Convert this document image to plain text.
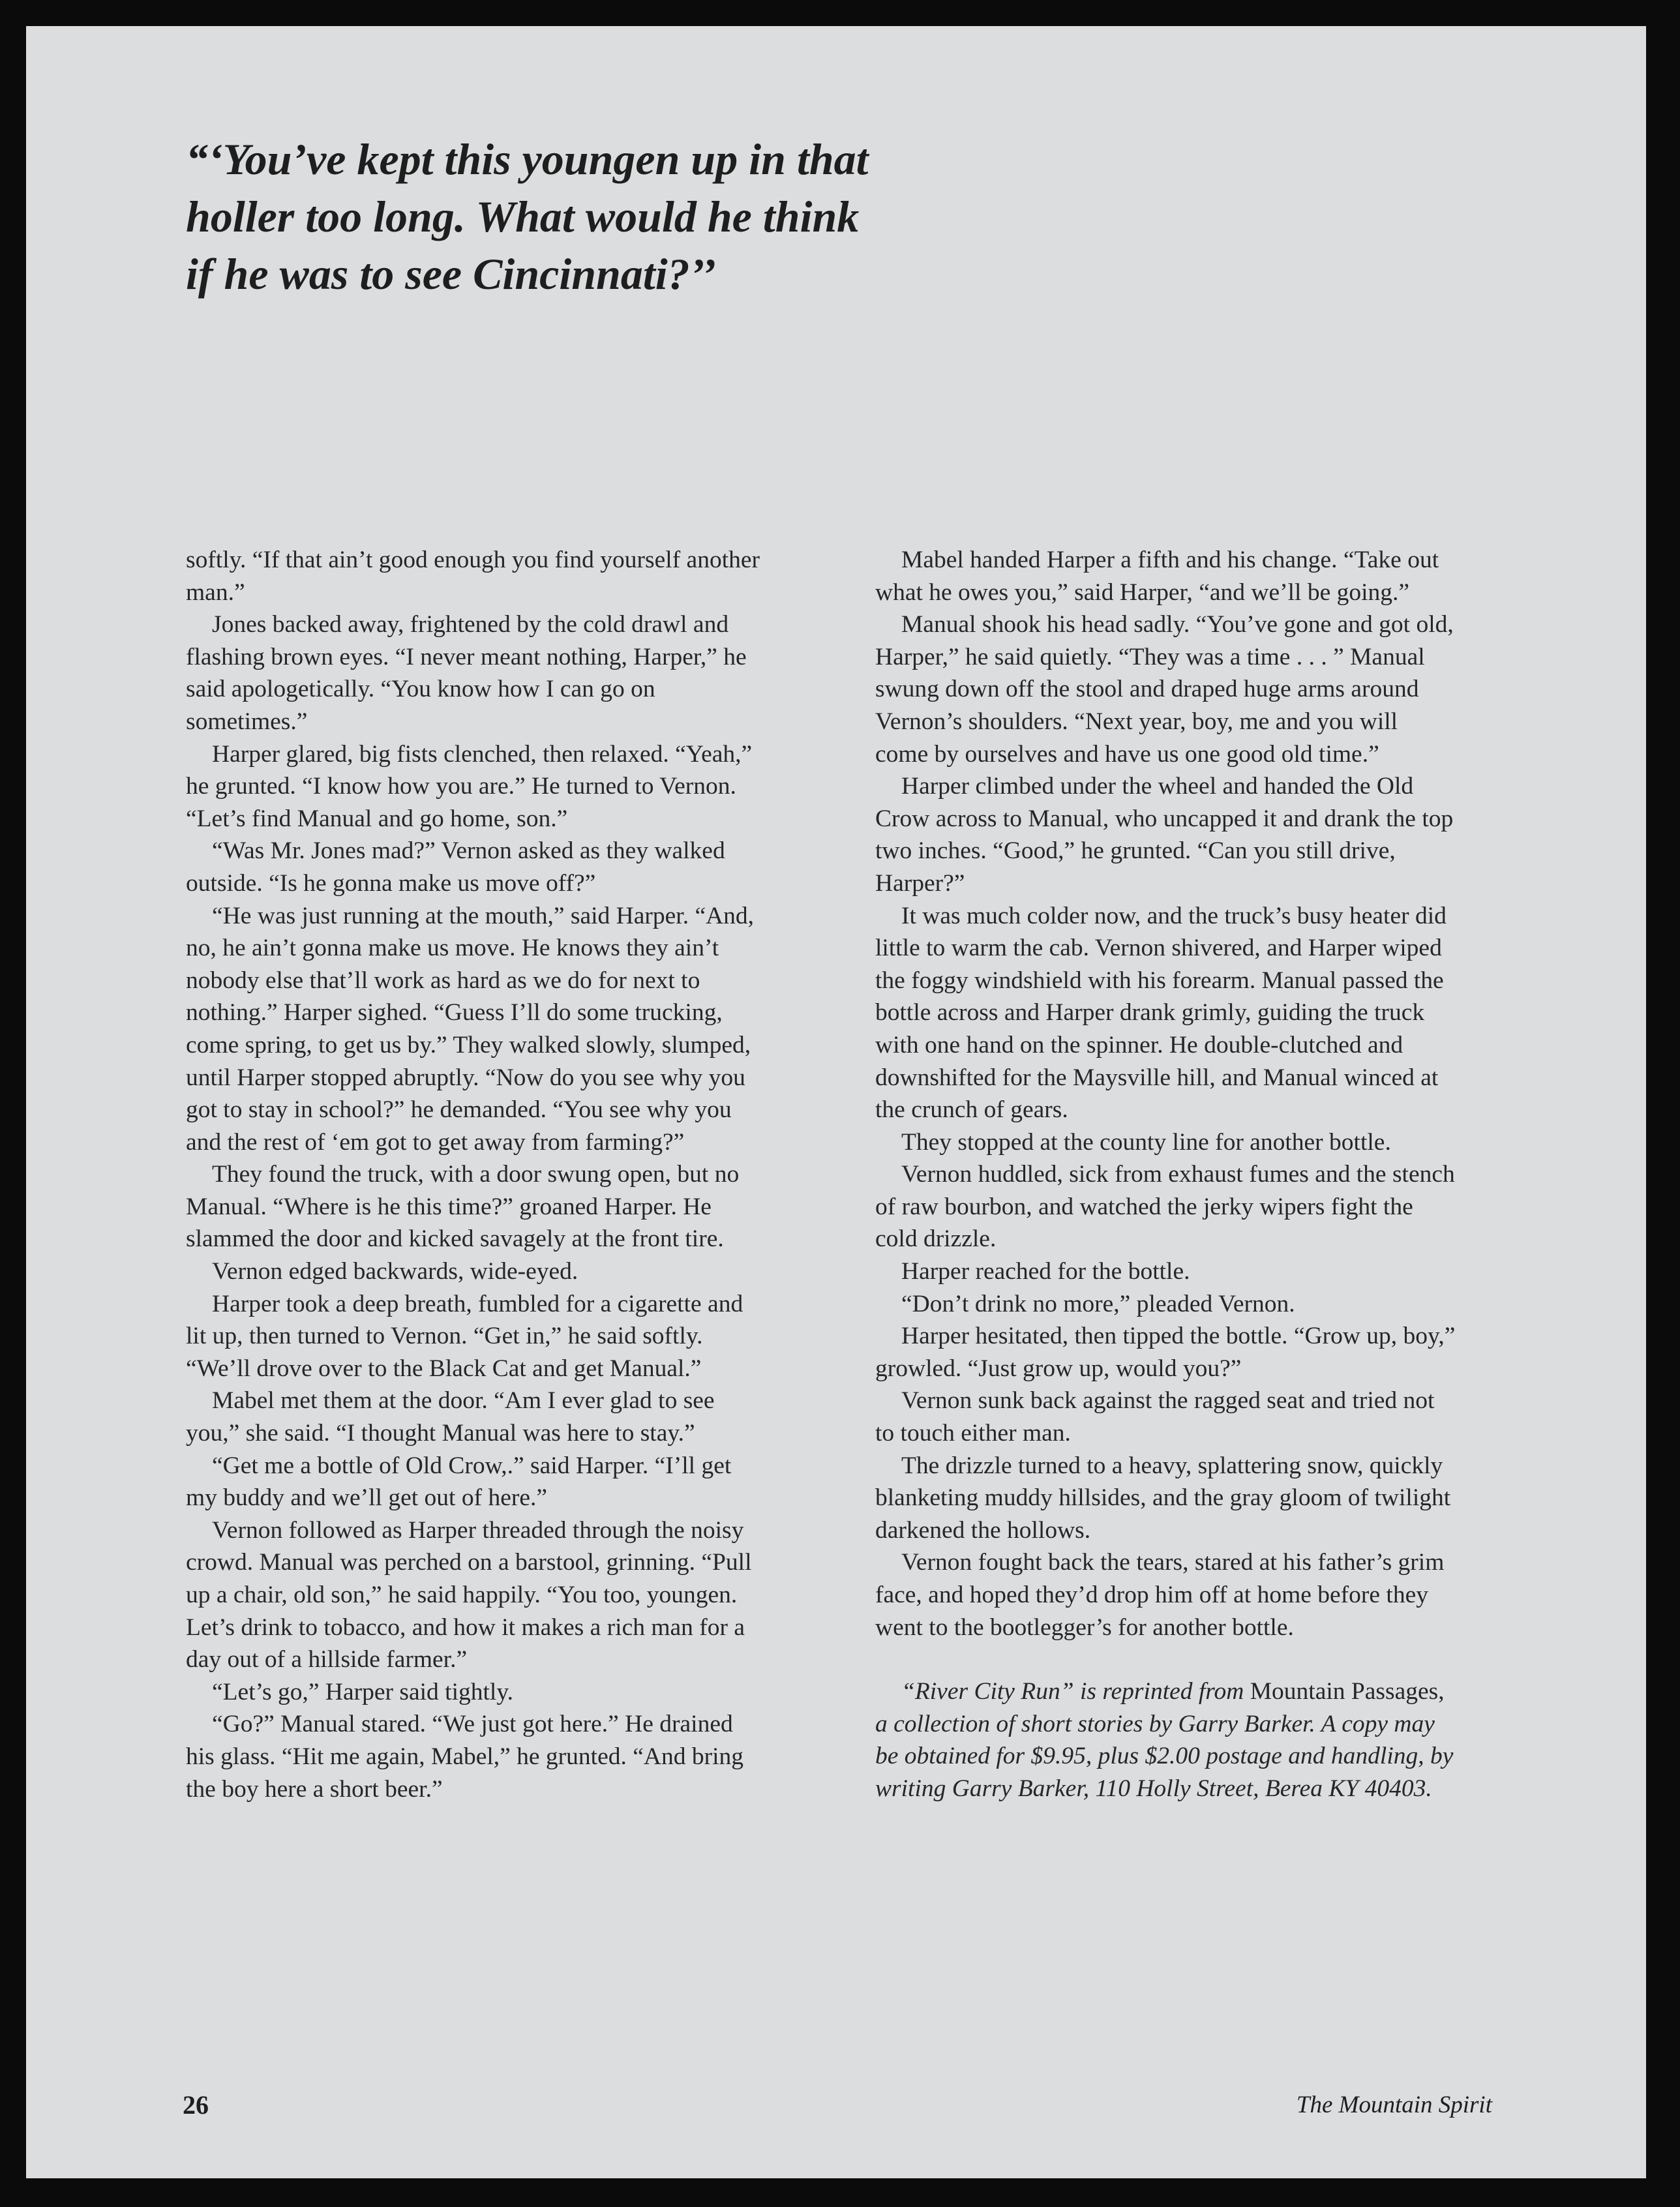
“‘You’ve kept this youngen up in that
holler too long. What would he think
if he was to see Cincinnati?’’

softly. “If that ain’t good enough you find yourself another man.”

Jones backed away, frightened by the cold drawl and flashing brown eyes. “I never meant nothing, Harper,” he said apologetically. “You know how I can go on sometimes.”

Harper glared, big fists clenched, then relaxed. “Yeah,” he grunted. “I know how you are.” He turned to Vernon. “Let’s find Manual and go home, son.”

“Was Mr. Jones mad?” Vernon asked as they walked outside. “Is he gonna make us move off?”

“He was just running at the mouth,” said Harper. “And, no, he ain’t gonna make us move. He knows they ain’t nobody else that’ll work as hard as we do for next to nothing.” Harper sighed. “Guess I’ll do some trucking, come spring, to get us by.” They walked slowly, slumped, until Harper stopped abruptly. “Now do you see why you got to stay in school?” he demanded. “You see why you and the rest of ‘em got to get away from farming?”

They found the truck, with a door swung open, but no Manual. “Where is he this time?” groaned Harper. He slammed the door and kicked savagely at the front tire.

Vernon edged backwards, wide-eyed.

Harper took a deep breath, fumbled for a cigarette and lit up, then turned to Vernon. “Get in,” he said softly. “We’ll drove over to the Black Cat and get Manual.”

Mabel met them at the door. “Am I ever glad to see you,” she said. “I thought Manual was here to stay.”

“Get me a bottle of Old Crow,.” said Harper. “I’ll get my buddy and we’ll get out of here.”

Vernon followed as Harper threaded through the noisy crowd. Manual was perched on a barstool, grinning. “Pull up a chair, old son,” he said happily. “You too, youngen. Let’s drink to tobacco, and how it makes a rich man for a day out of a hillside farmer.”

“Let’s go,” Harper said tightly.

“Go?” Manual stared. “We just got here.” He drained his glass. “Hit me again, Mabel,” he grunted. “And bring the boy here a short beer.”

Mabel handed Harper a fifth and his change. “Take out what he owes you,” said Harper, “and we’ll be going.”

Manual shook his head sadly. “You’ve gone and got old, Harper,” he said quietly. “They was a time . . . ” Manual swung down off the stool and draped huge arms around Vernon’s shoulders. “Next year, boy, me and you will come by ourselves and have us one good old time.”

Harper climbed under the wheel and handed the Old Crow across to Manual, who uncapped it and drank the top two inches. “Good,” he grunted. “Can you still drive, Harper?”

It was much colder now, and the truck’s busy heater did little to warm the cab. Vernon shivered, and Harper wiped the foggy windshield with his forearm. Manual passed the bottle across and Harper drank grimly, guiding the truck with one hand on the spinner. He double-clutched and downshifted for the Maysville hill, and Manual winced at the crunch of gears.

They stopped at the county line for another bottle.

Vernon huddled, sick from exhaust fumes and the stench of raw bourbon, and watched the jerky wipers fight the cold drizzle.

Harper reached for the bottle.

“Don’t drink no more,” pleaded Vernon.

Harper hesitated, then tipped the bottle. “Grow up, boy,” growled. “Just grow up, would you?”

Vernon sunk back against the ragged seat and tried not to touch either man.

The drizzle turned to a heavy, splattering snow, quickly blanketing muddy hillsides, and the gray gloom of twilight darkened the hollows.

Vernon fought back the tears, stared at his father’s grim face, and hoped they’d drop him off at home before they went to the bootlegger’s for another bottle.

“River City Run” is reprinted from Mountain Passages, a collection of short stories by Garry Barker. A copy may be obtained for $9.95, plus $2.00 postage and handling, by writing Garry Barker, 110 Holly Street, Berea KY 40403.

26	The Mountain Spirit
